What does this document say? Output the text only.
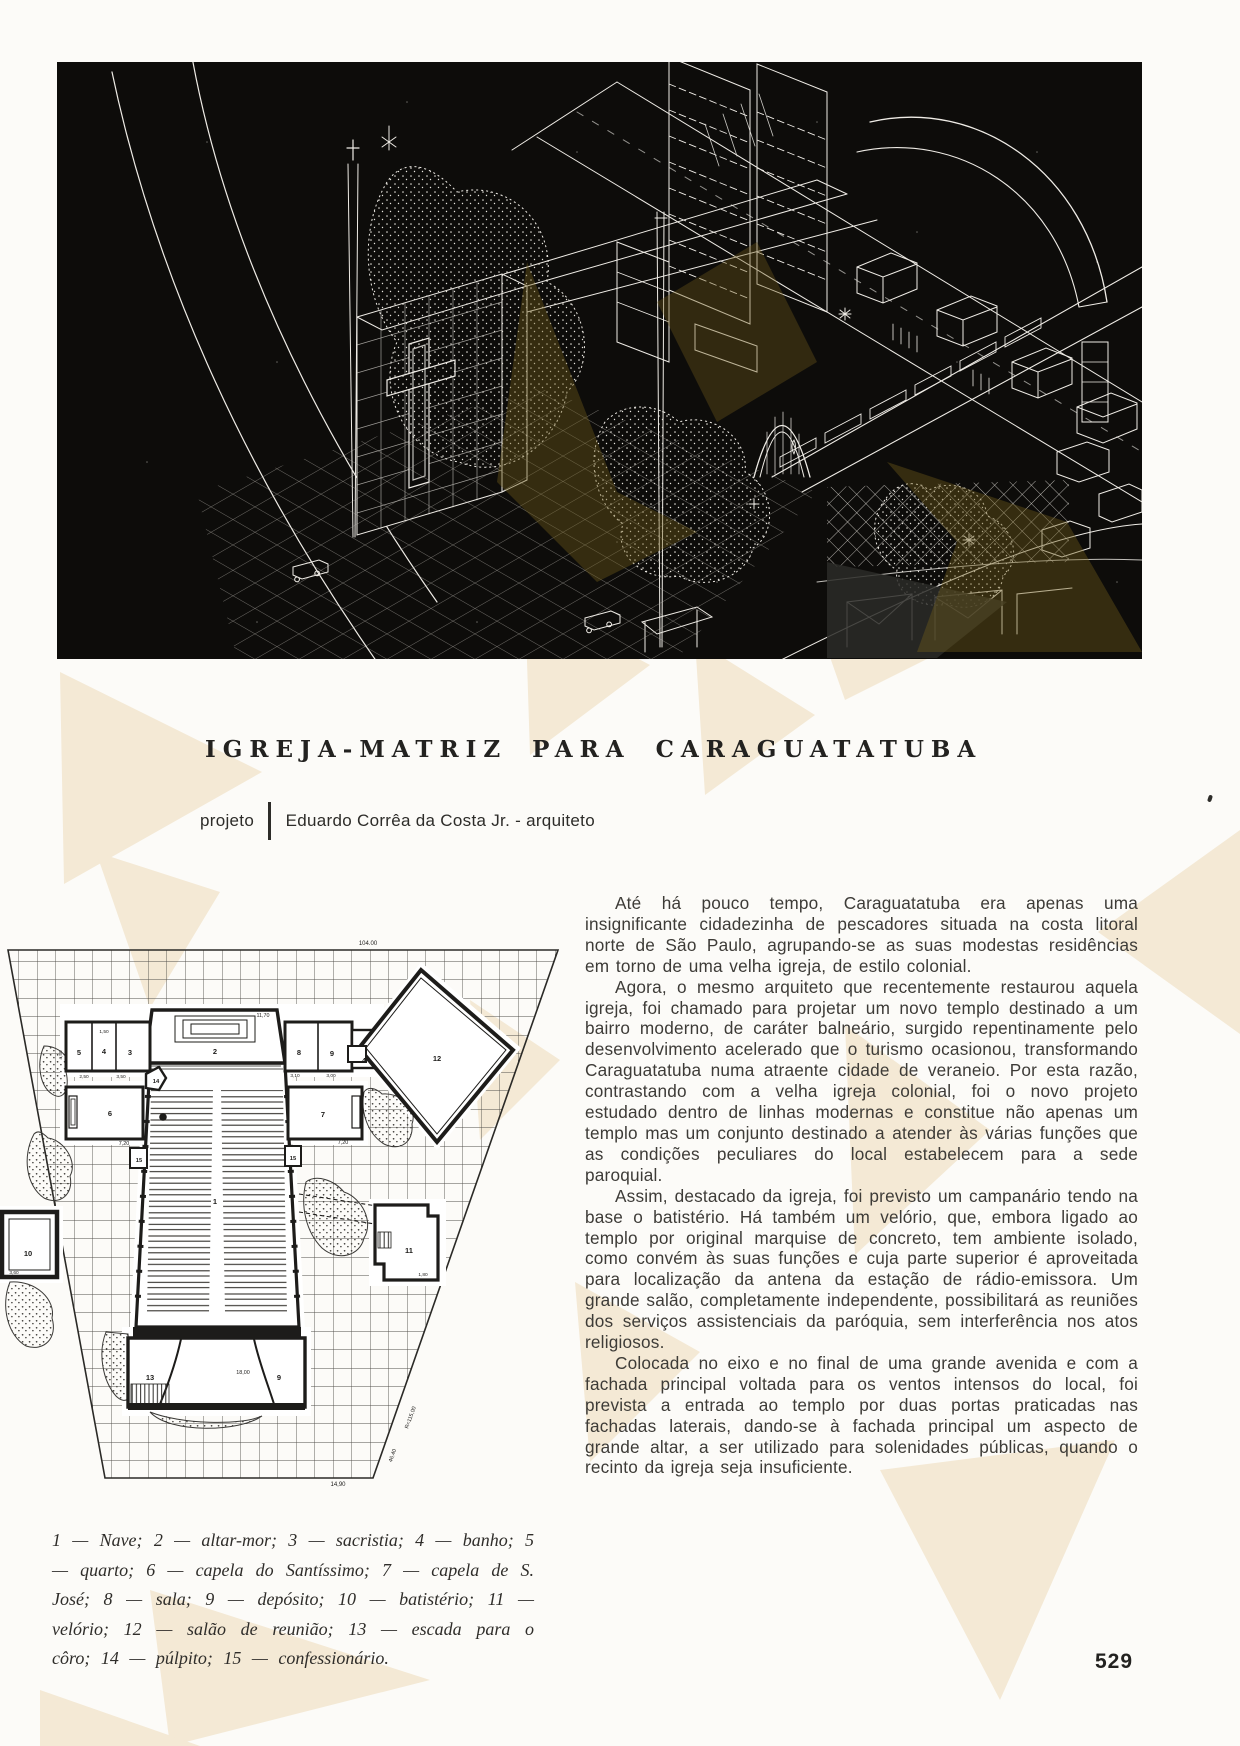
IGREJA-MATRIZ PARA CARAGUATATUBA
projeto Eduardo Corrêa da Costa Jr. - arquiteto
5	4	3	2	8	9
4	12
14
6	7
15	15
1
10	11
13	9
104.00
11,70
1,50
2,50	3,50	3,10	3,00
7,20	7,20
18,00
14,90
46,40
R=115,00
1,80
4,50
3,60

Até há pouco tempo, Caraguatatuba era apenas uma insignificante cidadezinha de pescadores situada na costa litoral norte de São Paulo, agrupando-se as suas modestas residências em torno de uma velha igreja, de estilo colonial.

Agora, o mesmo arquiteto que recentemente restaurou aquela igreja, foi chamado para projetar um novo templo destinado a um bairro moderno, de caráter balneário, surgido repentinamente pelo desenvolvimento acelerado que o turismo ocasionou, transformando Caraguatatuba numa atraente cidade de veraneio. Por esta razão, contrastando com a velha igreja colonial, foi o novo projeto estudado dentro de linhas modernas e constitue não apenas um templo mas um conjunto destinado a atender às várias funções que as condições peculiares do local estabelecem para a sede paroquial.

Assim, destacado da igreja, foi previsto um campanário tendo na base o batistério. Há também um velório, que, embora ligado ao templo por original marquise de concreto, tem ambiente isolado, como convém às suas funções e cuja parte superior é aproveitada para localização da antena da estação de rádio-emissora. Um grande salão, completamente independente, possibilitará as reuniões dos serviços assistenciais da paróquia, sem interferência nos atos religiosos.

Colocada no eixo e no final de uma grande avenida e com a fachada principal voltada para os ventos intensos do local, foi prevista a entrada ao templo por duas portas praticadas nas fachadas laterais, dando-se à fachada principal um aspecto de grande altar, a ser utilizado para solenidades públicas, quando o recinto da igreja seja insuficiente.

1 — Nave; 2 — altar-mor; 3 — sacristia; 4 — banho; 5 — quarto; 6 — capela do Santíssimo; 7 — capela de S. José; 8 — sala; 9 — depósito; 10 — batistério; 11 — velório; 12 — salão de reunião; 13 — escada para o côro; 14 — púlpito; 15 — confessionário.	529
